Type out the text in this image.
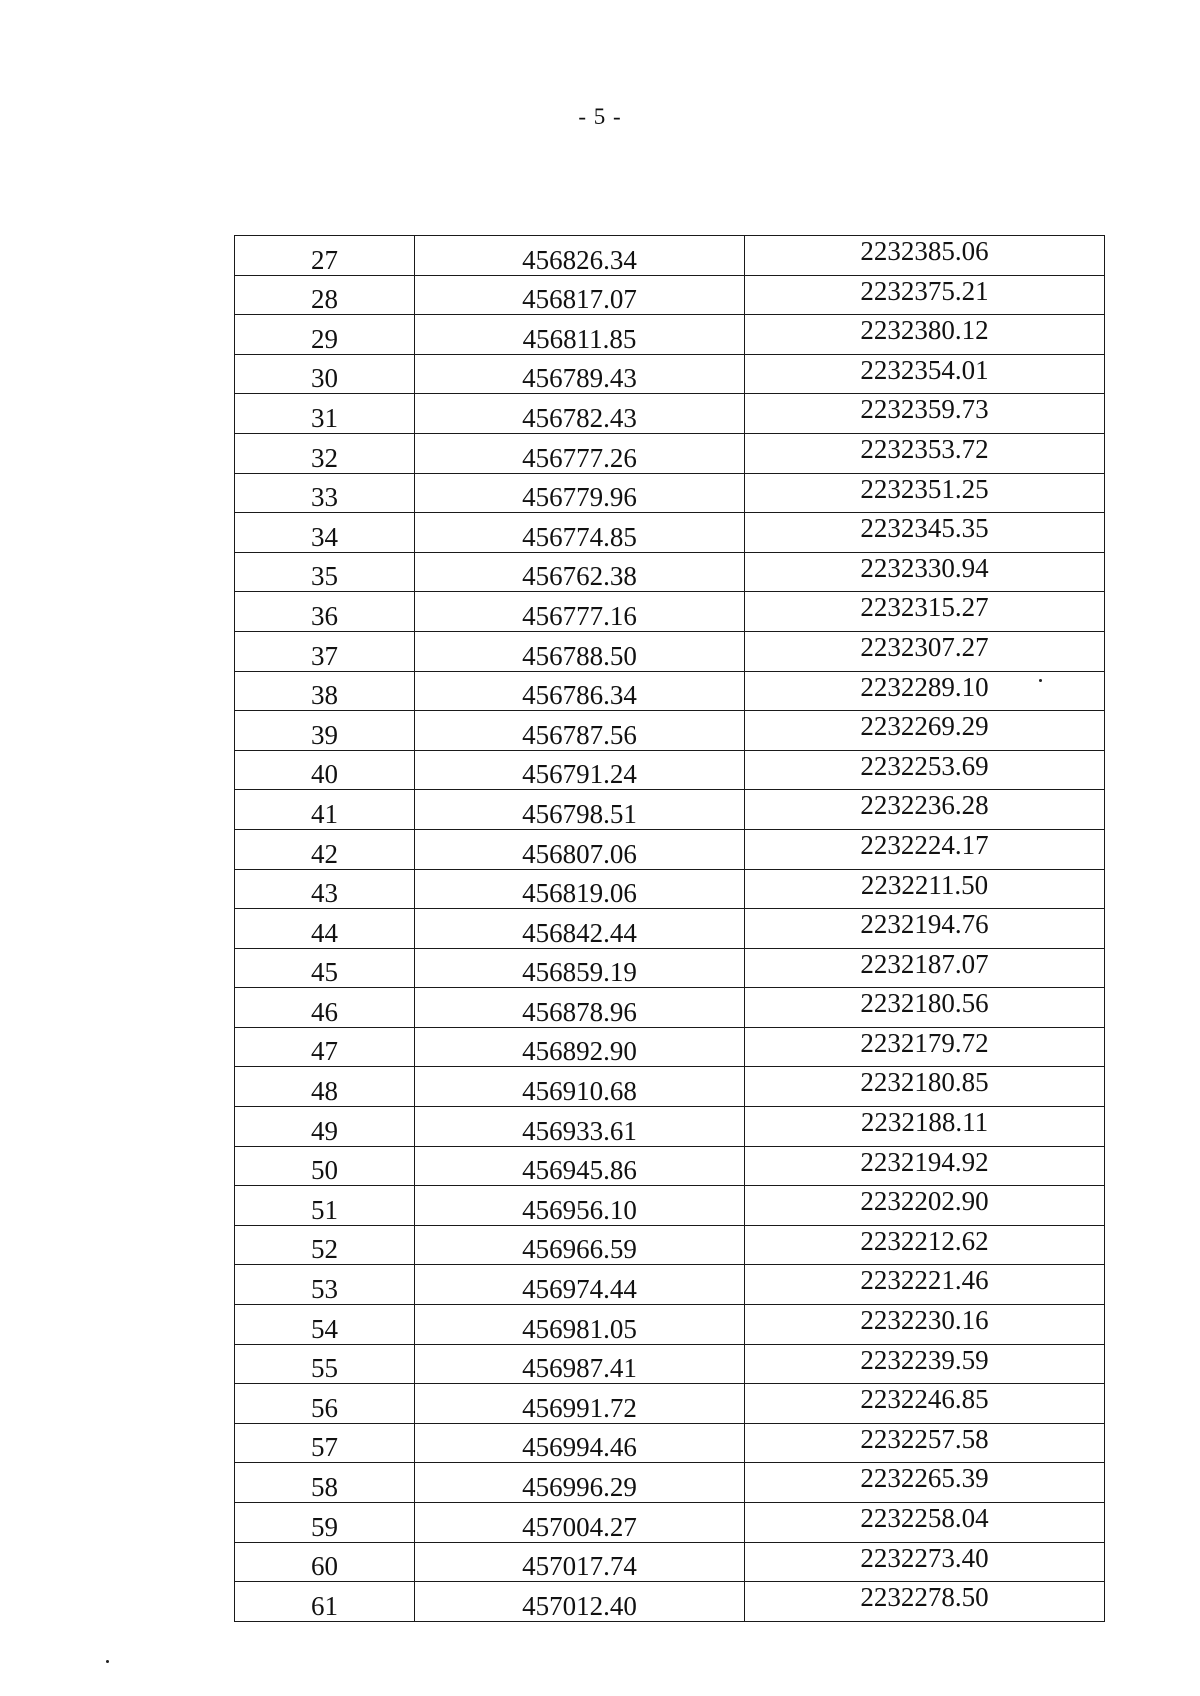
- 5 -
27	456826.34	2232385.06
28	456817.07	2232375.21
29	456811.85	2232380.12
30	456789.43	2232354.01
31	456782.43	2232359.73
32	456777.26	2232353.72
33	456779.96	2232351.25
34	456774.85	2232345.35
35	456762.38	2232330.94
36	456777.16	2232315.27
37	456788.50	2232307.27
38	456786.34	2232289.10
39	456787.56	2232269.29
40	456791.24	2232253.69
41	456798.51	2232236.28
42	456807.06	2232224.17
43	456819.06	2232211.50
44	456842.44	2232194.76
45	456859.19	2232187.07
46	456878.96	2232180.56
47	456892.90	2232179.72
48	456910.68	2232180.85
49	456933.61	2232188.11
50	456945.86	2232194.92
51	456956.10	2232202.90
52	456966.59	2232212.62
53	456974.44	2232221.46
54	456981.05	2232230.16
55	456987.41	2232239.59
56	456991.72	2232246.85
57	456994.46	2232257.58
58	456996.29	2232265.39
59	457004.27	2232258.04
60	457017.74	2232273.40
61	457012.40	2232278.50
